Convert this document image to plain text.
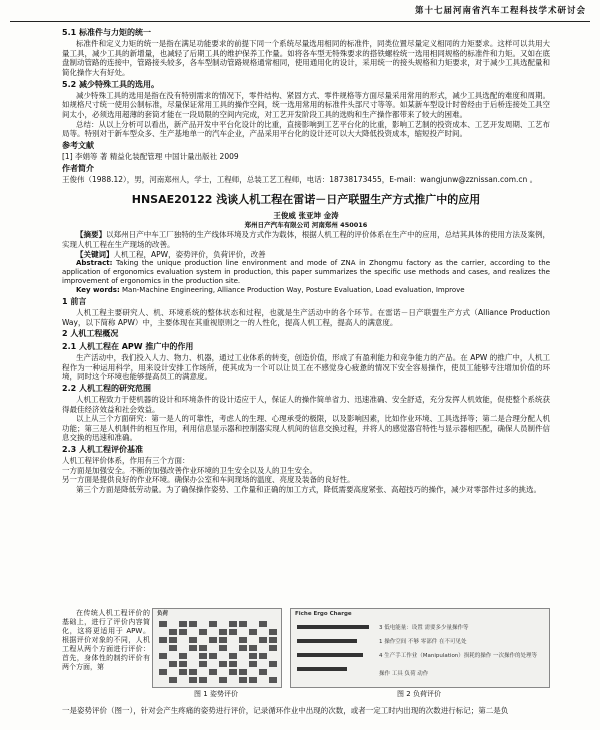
第十七届河南省汽车工程科技学术研讨会
5.1 标准件与力矩的统一

标准件和定义力矩的统一是指在满足功能要求的前提下同一个系统尽量选用相同的标准件，同类位置尽量定义相同的力矩要求。这样可以共用大量工具，减少工具的新增量，也减轻了后期工具的维护保养工作量。如将各车型无特殊要求的搭铁螺栓统一选用相同规格的标准件和力矩。又如在底盘制动管路的连接中，管路接头较多，各车型制动管路规格通常相同，使用通用化的设计，采用统一的接头规格和力矩要求，对于减少工具选配量和简化操作大有好处。

5.2 减少特殊工具的选用。

减少特殊工具的选用是指在没有特别需求的情况下，零件结构、紧固方式、零件规格等方面尽量采用常用的形式，减少工具选配的难度和周期。如规格尺寸统一使用公制标准，尽量保证常用工具的操作空间，统一选用常用的标准件头部尺寸等等。如某新车型设计时曾经由于后桥连接处工具空间太小，必须选用超薄的套筒才能在一段局限的空间内完成，对工艺开发阶段工具的选购和生产操作都带来了较大的困难。

总结：从以上分析可以看出，新产品开发中平台化设计的比重，直接影响到工艺平台化的比重，影响工艺制的投资成本、工艺开发周期、工艺布局等。特别对于新车型众多、生产基地单一的汽车企业，产品采用平台化的设计还可以大大降低投资成本，缩短投产时间。

参考文献

[1] 李娟等 著 精益化装配管理 中国计量出版社 2009

作者简介

王俊伟（1988.12），男，河南郑州人，学士，工程师，总装工艺工程师，电话：18738173455，E-mail：wangjunw@zznissan.com.cn 。

HNSAE20122 浅谈人机工程在雷诺－日产联盟生产方式推广中的应用
王俊威 张亚坤 金涛
郑州日产汽车有限公司 河南郑州 450016

【摘要】以郑州日产中车工厂独特的生产线体环境及方式作为载体，根据人机工程的评价体系在生产中的应用，总结其具体的使用方法及案例，实现人机工程在生产现场的改善。

【关键词】人机工程，APW，姿势评价，负荷评价，改善

Abstract: Taking the unique production line environment and mode of ZNA in Zhongmu factory as the carrier, according to the application of ergonomics evaluation system in production, this paper summarizes the specific use methods and cases, and realizes the improvement of ergonomics in the production site.

Key words: Man-Machine Engineering, Alliance Production Way, Posture Evaluation, Load evaluation, Improve

1 前言

人机工程主要研究人、机、环境系统的整体状态和过程，也就是生产活动中的各个环节。在雷诺－日产联盟生产方式（Alliance Production Way，以下简称 APW）中，主要体现在其重视原则之一的人性化，提高人机工程，提高人的满意度。

2 人机工程概况
2.1 人机工程在 APW 推广中的作用

生产活动中，我们投入人力、物力、机器，通过工业体系的转变，创造价值，形成了有盈利能力和竞争能力的产品。在 APW 的推广中，人机工程作为一种运用科学，用来设计安排工作场所，使其成为一个可以让员工在不感觉身心疲惫的情况下安全容易操作，使员工能够专注增加价值的环境，同时这个环境也能够提高员工的满意度。

2.2 人机工程的研究范围

人机工程致力于使机器的设计和环境条件的设计适应于人，保证人的操作简单省力、迅速准确、安全舒适，充分发挥人机效能，促使整个系统获得最佳经济效益和社会效益。

以上从三个方面研究：第一是人的可靠性，考虑人的生理、心理承受的极限，以及影响因素，比如作业环境、工具选择等；第二是合理分配人机功能；第三是人机制件的相互作用，利用信息显示器和控制器实现人机间的信息交换过程，并将人的感觉器官特性与显示器相匹配，确保人员制件信息交换的迅速和准确。

2.3 人机工程评价基准

人机工程评价体系，作用有三个方面：

一方面是加强安全。不断的加强改善作业环境的卫生安全以及人的卫生安全。

另一方面是提供良好的作业环境。确保办公室和车间现场的温度、亮度及装备的良好性。

第三个方面是降低劳动量。为了确保操作姿势、工作量和正确的加工方式，降低需要高度紧张、高超技巧的操作，减少对零部件过多的挑选。

在传统人机工程评价的基础上，进行了评价内容简化，这将更适用于 APW。根据评价对象的不同，人机工程从两个方面进行评价：首先，身体性的制约评价有两个方面，第

负荷
图 1 姿势评价
Fiche Ergo Charge
3 低电能量：设置 需要多少量操作等
1 操作空间 不够 零部件 在不可见处
4 生产手工作业（Manipulation）损耗的操作 一次操作的处理等
操作 工具 负荷 动作
图 2 负荷评价

一是姿势评价（图一），针对会产生疼痛的姿势进行评价，记录循环作业中出现的次数，或者一定工时内出现的次数进行标记；第二是负
